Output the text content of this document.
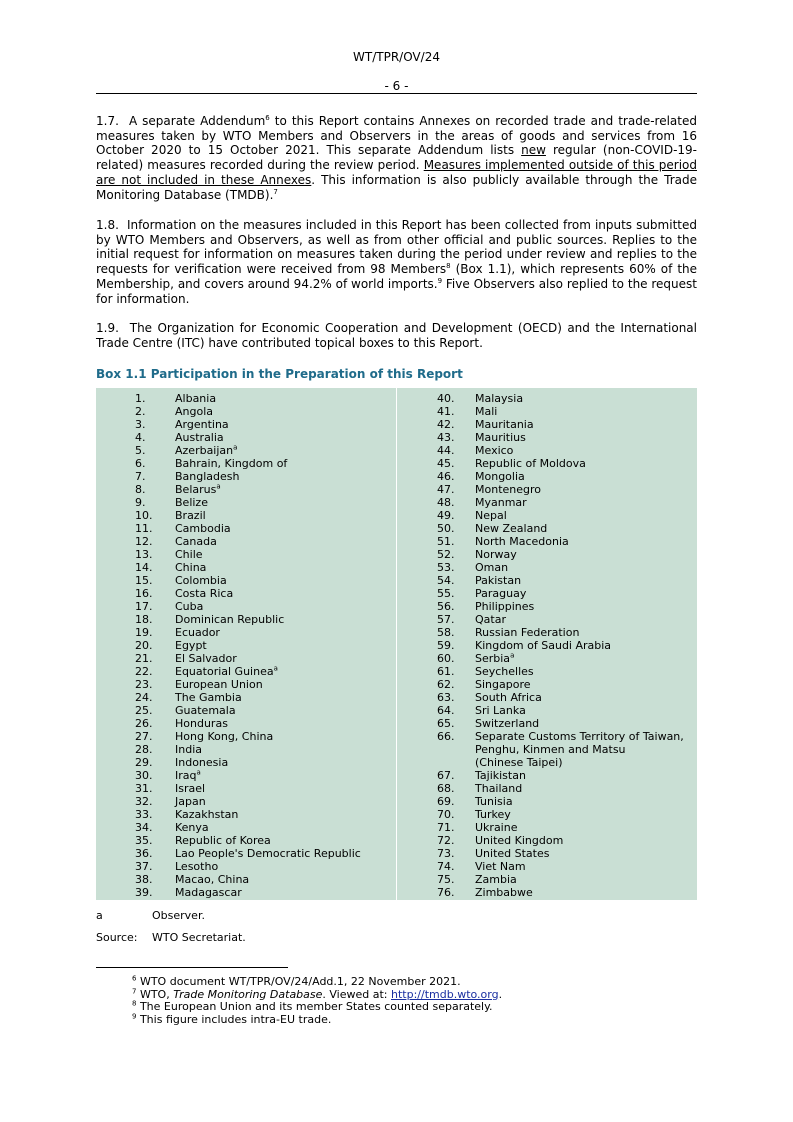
WT/TPR/OV/24
- 6 -
1.7. A separate Addendum$^6$ to this Report contains Annexes on recorded trade and trade-related measures taken by WTO Members and Observers in the areas of goods and services from 16 October 2020 to 15 October 2021. This separate Addendum lists new regular (non-COVID-19-related) measures recorded during the review period. Measures implemented outside of this period are not included in these Annexes. This information is also publicly available through the Trade Monitoring Database (TMDB).$^7$
1.8. Information on the measures included in this Report has been collected from inputs submitted by WTO Members and Observers, as well as from other official and public sources. Replies to the initial request for information on measures taken during the period under review and replies to the requests for verification were received from 98 Members$^8$ (Box 1.1), which represents 60% of the Membership, and covers around 94.2% of world imports.$^9$ Five Observers also replied to the request for information.
1.9. The Organization for Economic Cooperation and Development (OECD) and the International Trade Centre (ITC) have contributed topical boxes to this Report.
Box 1.1 Participation in the Preparation of this Report
1.	Albania
2.	Angola
3.	Argentina
4.	Australia
5.	Azerbaijan$^a$
6.	Bahrain, Kingdom of
7.	Bangladesh
8.	Belarus$^a$
9.	Belize
10. Brazil
11. Cambodia
12. Canada
13. Chile
14. China
15. Colombia
16. Costa Rica
17. Cuba
18. Dominican Republic
19. Ecuador
20. Egypt
21. El Salvador
22. Equatorial Guinea$^a$
23. European Union
24. The Gambia
25. Guatemala
26. Honduras
27. Hong Kong, China
28. India
29. Indonesia
30. Iraq$^a$
31. Israel
32. Japan
33. Kazakhstan
34. Kenya
35. Republic of Korea
36. Lao People's Democratic Republic
37. Lesotho
38. Macao, China
39. Madagascar
40. Malaysia
41. Mali
42. Mauritania
43. Mauritius
44. Mexico
45. Republic of Moldova
46. Mongolia
47. Montenegro
48. Myanmar
49. Nepal
50. New Zealand
51. North Macedonia
52. Norway
53. Oman
54. Pakistan
55. Paraguay
56. Philippines
57. Qatar
58. Russian Federation
59. Kingdom of Saudi Arabia
60. Serbia$^a$
61. Seychelles
62. Singapore
63. South Africa
64. Sri Lanka
65. Switzerland
66. Separate Customs Territory of Taiwan,
Penghu, Kinmen and Matsu
(Chinese Taipei)
67. Tajikistan
68. Thailand
69. Tunisia
70. Turkey
71. Ukraine
72. United Kingdom
73. United States
74. Viet Nam
75. Zambia
76. Zimbabwe
a	Observer.
Source: WTO Secretariat.
$^6$ WTO document WT/TPR/OV/24/Add.1, 22 November 2021.
$^7$ WTO, Trade Monitoring Database. Viewed at: http://tmdb.wto.org.
$^8$ The European Union and its member States counted separately.
$^9$ This figure includes intra-EU trade.
